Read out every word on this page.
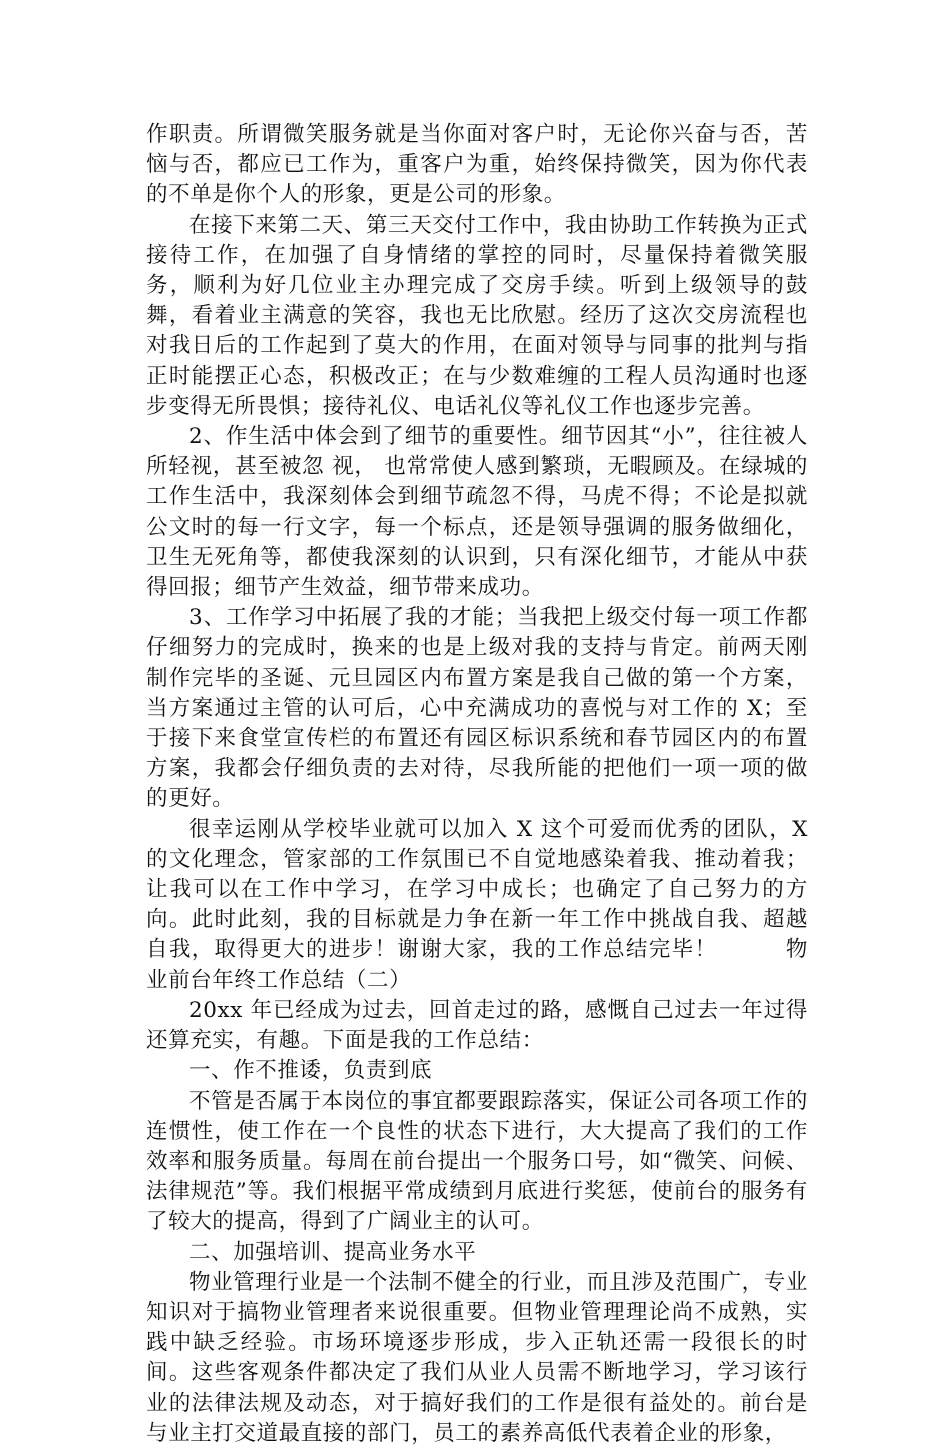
作职责。所谓微笑服务就是当你面对客户时，无论你兴奋与否，苦恼与否，都应已工作为，重客户为重，始终保持微笑，因为你代表的不单是你个人的形象，更是公司的形象。

在接下来第二天、第三天交付工作中，我由协助工作转换为正式接待工作，在加强了自身情绪的掌控的同时，尽量保持着微笑服务，顺利为好几位业主办理完成了交房手续。听到上级领导的鼓舞，看着业主满意的笑容，我也无比欣慰。经历了这次交房流程也对我日后的工作起到了莫大的作用，在面对领导与同事的批判与指正时能摆正心态，积极改正；在与少数难缠的工程人员沟通时也逐步变得无所畏惧；接待礼仪、电话礼仪等礼仪工作也逐步完善。

2、作生活中体会到了细节的重要性。细节因其“小”，往往被人所轻视，甚至被忽 视， 也常常使人感到繁琐，无暇顾及。在绿城的工作生活中，我深刻体会到细节疏忽不得，马虎不得；不论是拟就公文时的每一行文字，每一个标点，还是领导强调的服务做细化，卫生无死角等，都使我深刻的认识到，只有深化细节，才能从中获得回报；细节产生效益，细节带来成功。

3、工作学习中拓展了我的才能；当我把上级交付每一项工作都仔细努力的完成时，换来的也是上级对我的支持与肯定。前两天刚制作完毕的圣诞、元旦园区内布置方案是我自己做的第一个方案，当方案通过主管的认可后，心中充满成功的喜悦与对工作的 X；至于接下来食堂宣传栏的布置还有园区标识系统和春节园区内的布置方案，我都会仔细负责的去对待，尽我所能的把他们一项一项的做的更好。

很幸运刚从学校毕业就可以加入 X 这个可爱而优秀的团队，X的文化理念，管家部的工作氛围已不自觉地感染着我、推动着我；让我可以在工作中学习，在学习中成长；也确定了自己努力的方向。此时此刻，我的目标就是力争在新一年工作中挑战自我、超越自我，取得更大的进步！谢谢大家，我的工作总结完毕！　　　物业前台年终工作总结（二）

20xx 年已经成为过去，回首走过的路，感慨自己过去一年过得还算充实，有趣。下面是我的工作总结：

一、作不推诿，负责到底

不管是否属于本岗位的事宜都要跟踪落实，保证公司各项工作的连惯性，使工作在一个良性的状态下进行，大大提高了我们的工作效率和服务质量。每周在前台提出一个服务口号，如“微笑、问候、法律规范”等。我们根据平常成绩到月底进行奖惩，使前台的服务有了较大的提高，得到了广阔业主的认可。

二、加强培训、提高业务水平

物业管理行业是一个法制不健全的行业，而且涉及范围广，专业知识对于搞物业管理者来说很重要。但物业管理理论尚不成熟，实践中缺乏经验。市场环境逐步形成，步入正轨还需一段很长的时间。这些客观条件都决定了我们从业人员需不断地学习，学习该行业的法律法规及动态，对于搞好我们的工作是很有益处的。前台是与业主打交道最直接的部门，员工的素养高低代表着企业的形象，
